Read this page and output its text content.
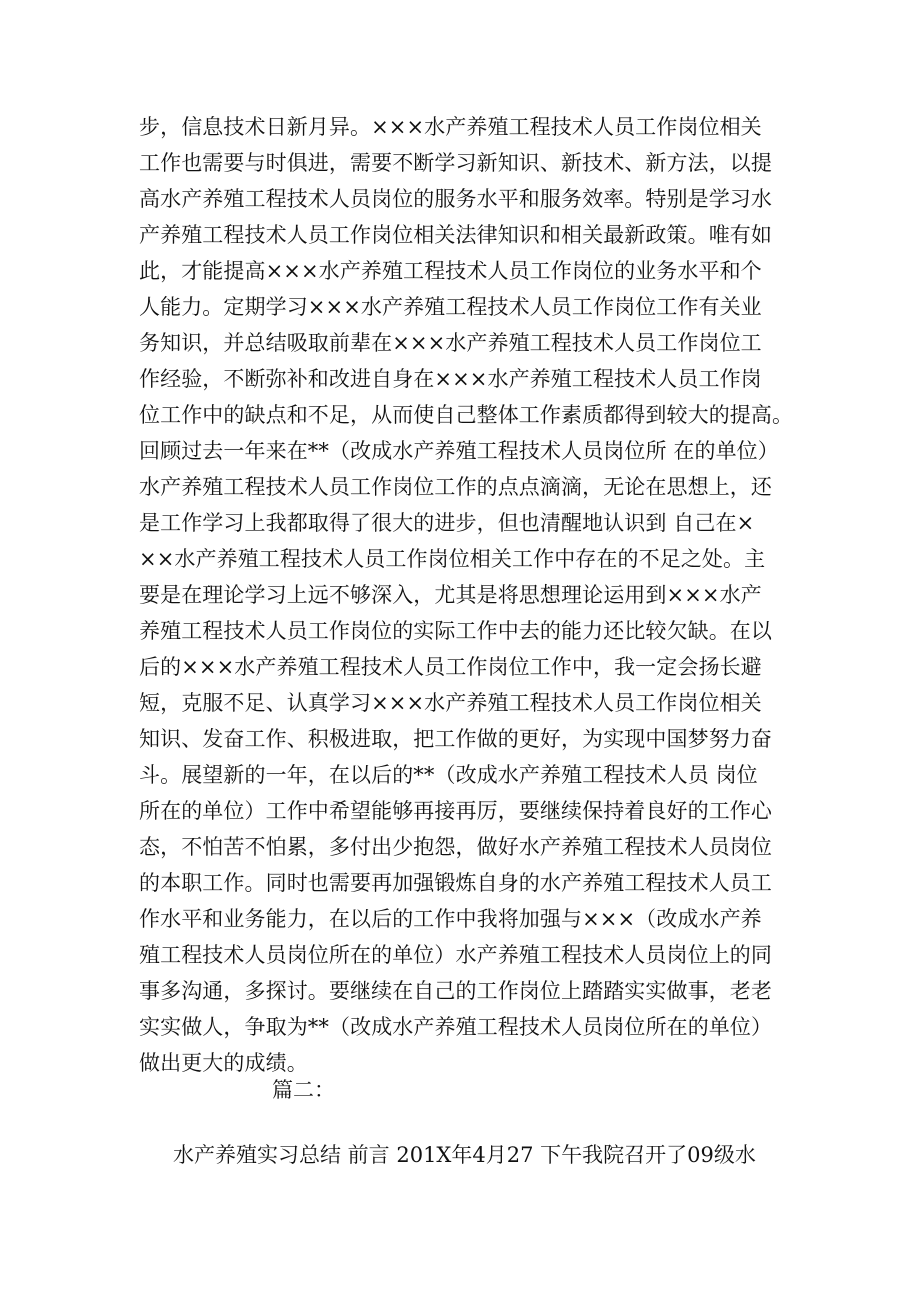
步，信息技术日新月异。×××水产养殖工程技术人员工作岗位相关
工作也需要与时俱进，需要不断学习新知识、新技术、新方法，以提
高水产养殖工程技术人员岗位的服务水平和服务效率。特别是学习水
产养殖工程技术人员工作岗位相关法律知识和相关最新政策。唯有如
此，才能提高×××水产养殖工程技术人员工作岗位的业务水平和个
人能力。定期学习×××水产养殖工程技术人员工作岗位工作有关业
务知识，并总结吸取前辈在×××水产养殖工程技术人员工作岗位工
作经验，不断弥补和改进自身在×××水产养殖工程技术人员工作岗
位工作中的缺点和不足，从而使自己整体工作素质都得到较大的提高。
回顾过去一年来在**（改成水产养殖工程技术人员岗位所 在的单位）
水产养殖工程技术人员工作岗位工作的点点滴滴，无论在思想上，还
是工作学习上我都取得了很大的进步，但也清醒地认识到 自己在×
××水产养殖工程技术人员工作岗位相关工作中存在的不足之处。主
要是在理论学习上远不够深入，尤其是将思想理论运用到×××水产
养殖工程技术人员工作岗位的实际工作中去的能力还比较欠缺。在以
后的×××水产养殖工程技术人员工作岗位工作中，我一定会扬长避
短，克服不足、认真学习×××水产养殖工程技术人员工作岗位相关
知识、发奋工作、积极进取，把工作做的更好，为实现中国梦努力奋
斗。展望新的一年，在以后的**（改成水产养殖工程技术人员 岗位
所在的单位）工作中希望能够再接再厉，要继续保持着良好的工作心
态，不怕苦不怕累，多付出少抱怨，做好水产养殖工程技术人员岗位
的本职工作。同时也需要再加强锻炼自身的水产养殖工程技术人员工
作水平和业务能力，在以后的工作中我将加强与×××（改成水产养
殖工程技术人员岗位所在的单位）水产养殖工程技术人员岗位上的同
事多沟通，多探讨。要继续在自己的工作岗位上踏踏实实做事，老老
实实做人，争取为**（改成水产养殖工程技术人员岗位所在的单位）
做出更大的成绩。
篇二：
水产养殖实习总结 前言 201X年4月27 下午我院召开了09级水
